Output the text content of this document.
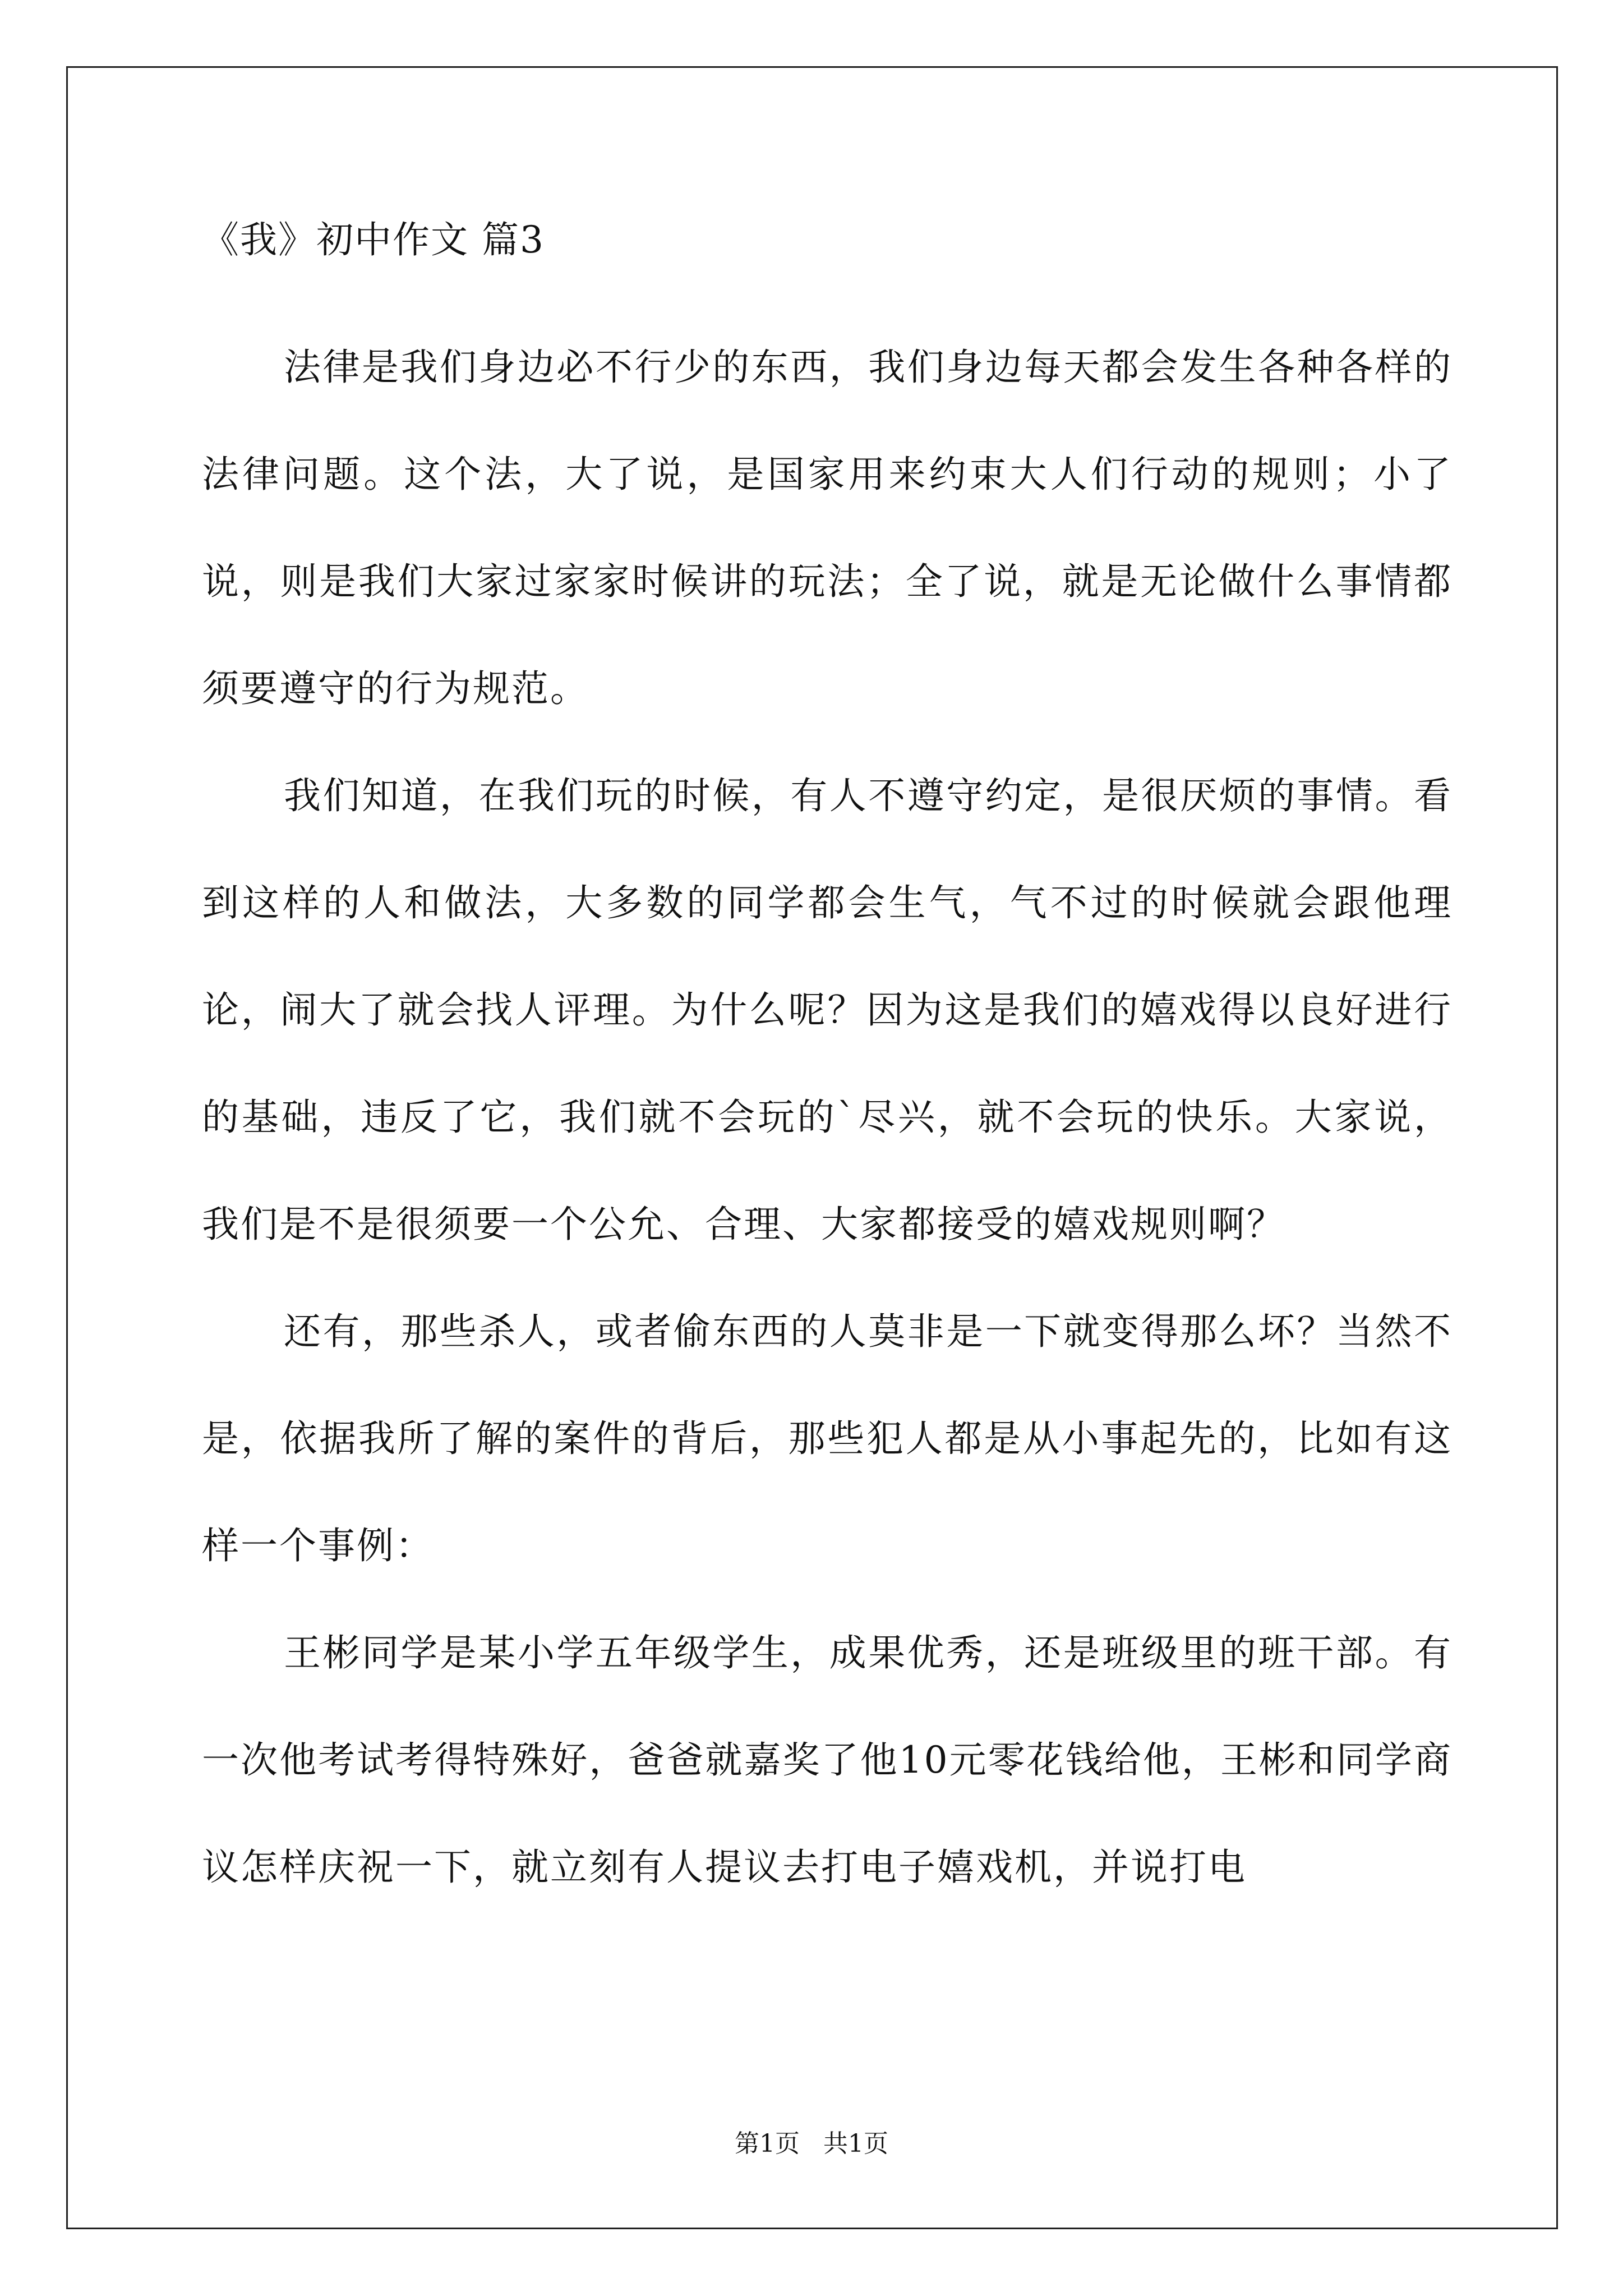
《我》初中作文 篇3

法律是我们身边必不行少的东西，我们身边每天都会发生各种各样的法律问题。这个法，大了说，是国家用来约束大人们行动的规则；小了说，则是我们大家过家家时候讲的玩法；全了说，就是无论做什么事情都须要遵守的行为规范。

我们知道，在我们玩的时候，有人不遵守约定，是很厌烦的事情。看到这样的人和做法，大多数的同学都会生气，气不过的时候就会跟他理论，闹大了就会找人评理。为什么呢？因为这是我们的嬉戏得以良好进行的基础，违反了它，我们就不会玩的`尽兴，就不会玩的快乐。大家说，我们是不是很须要一个公允、合理、大家都接受的嬉戏规则啊？

还有，那些杀人，或者偷东西的人莫非是一下就变得那么坏？当然不是，依据我所了解的案件的背后，那些犯人都是从小事起先的，比如有这样一个事例：

王彬同学是某小学五年级学生，成果优秀，还是班级里的班干部。有一次他考试考得特殊好，爸爸就嘉奖了他10元零花钱给他，王彬和同学商议怎样庆祝一下，就立刻有人提议去打电子嬉戏机，并说打电

第1页   共1页
